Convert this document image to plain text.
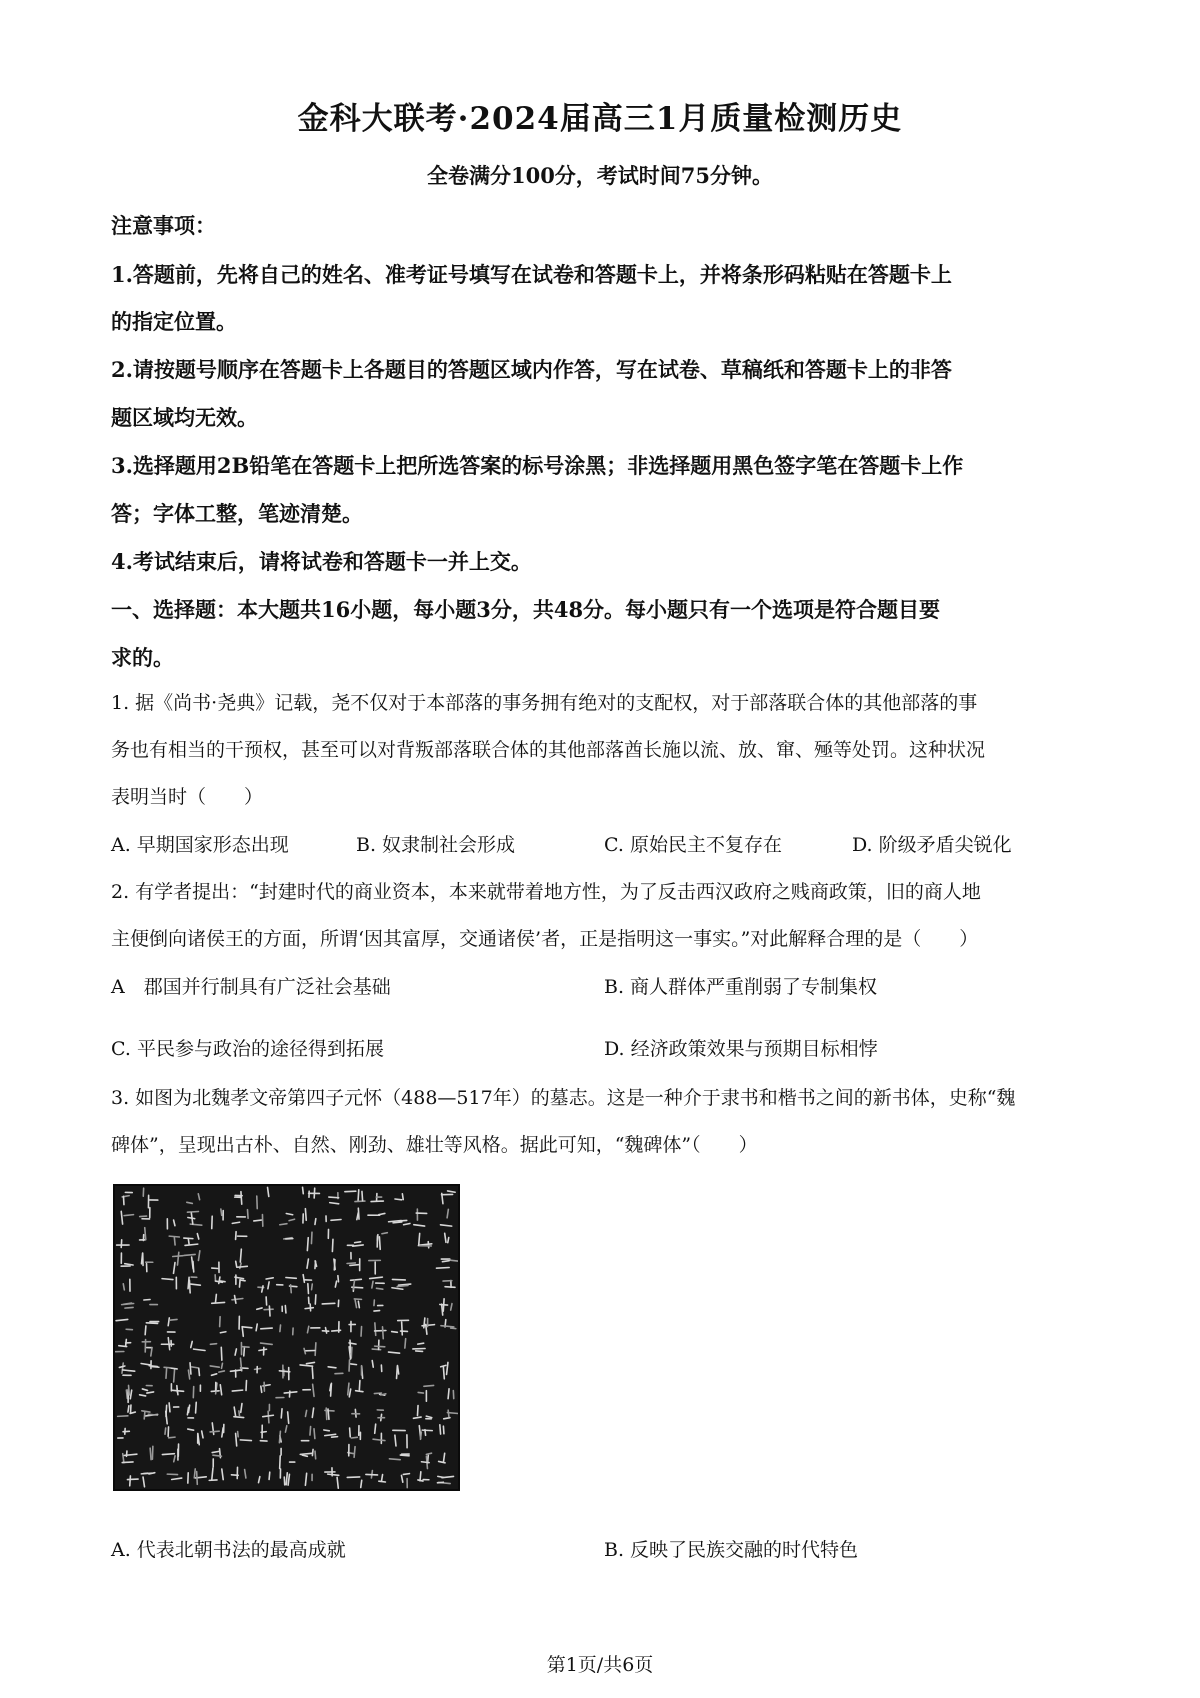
金科大联考·2024届高三1月质量检测历史
全卷满分100分，考试时间75分钟。
注意事项：
1.答题前，先将自己的姓名、准考证号填写在试卷和答题卡上，并将条形码粘贴在答题卡上
的指定位置。
2.请按题号顺序在答题卡上各题目的答题区域内作答，写在试卷、草稿纸和答题卡上的非答
题区域均无效。
3.选择题用2B铅笔在答题卡上把所选答案的标号涂黑；非选择题用黑色签字笔在答题卡上作
答；字体工整，笔迹清楚。
4.考试结束后，请将试卷和答题卡一并上交。
一、选择题：本大题共16小题，每小题3分，共48分。每小题只有一个选项是符合题目要
求的。
1. 据《尚书·尧典》记载，尧不仅对于本部落的事务拥有绝对的支配权，对于部落联合体的其他部落的事
务也有相当的干预权，甚至可以对背叛部落联合体的其他部落酋长施以流、放、窜、殛等处罚。这种状况
表明当时（　　）
A. 早期国家形态出现	B. 奴隶制社会形成	C. 原始民主不复存在	D. 阶级矛盾尖锐化
2. 有学者提出：“封建时代的商业资本，本来就带着地方性，为了反击西汉政府之贱商政策，旧的商人地
主便倒向诸侯王的方面，所谓‘因其富厚，交通诸侯’者，正是指明这一事实。”对此解释合理的是（　　）
A　郡国并行制具有广泛社会基础	B. 商人群体严重削弱了专制集权
C. 平民参与政治的途径得到拓展	D. 经济政策效果与预期目标相悖
3. 如图为北魏孝文帝第四子元怀（488—517年）的墓志。这是一种介于隶书和楷书之间的新书体，史称“魏
碑体”，呈现出古朴、自然、刚劲、雄壮等风格。据此可知，“魏碑体”（　　）
A. 代表北朝书法的最高成就	B. 反映了民族交融的时代特色
第1页/共6页
